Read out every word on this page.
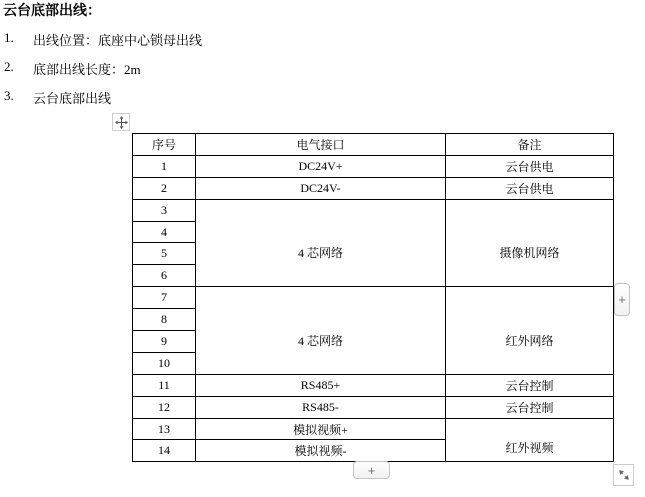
云台底部出线：
1. 出线位置：底座中心锁母出线
2. 底部出线长度：2m
3. 云台底部出线
序号	电气接口	备注
1	DC24V+	云台供电
2	DC24V-	云台供电
3	4 芯网络	摄像机网络
4		
5		
6		
7	4 芯网络	红外网络
8		
9		
10		
11	RS485+	云台控制
12	RS485-	云台控制
13	模拟视频+	红外视频
14	模拟视频-	
+
+
